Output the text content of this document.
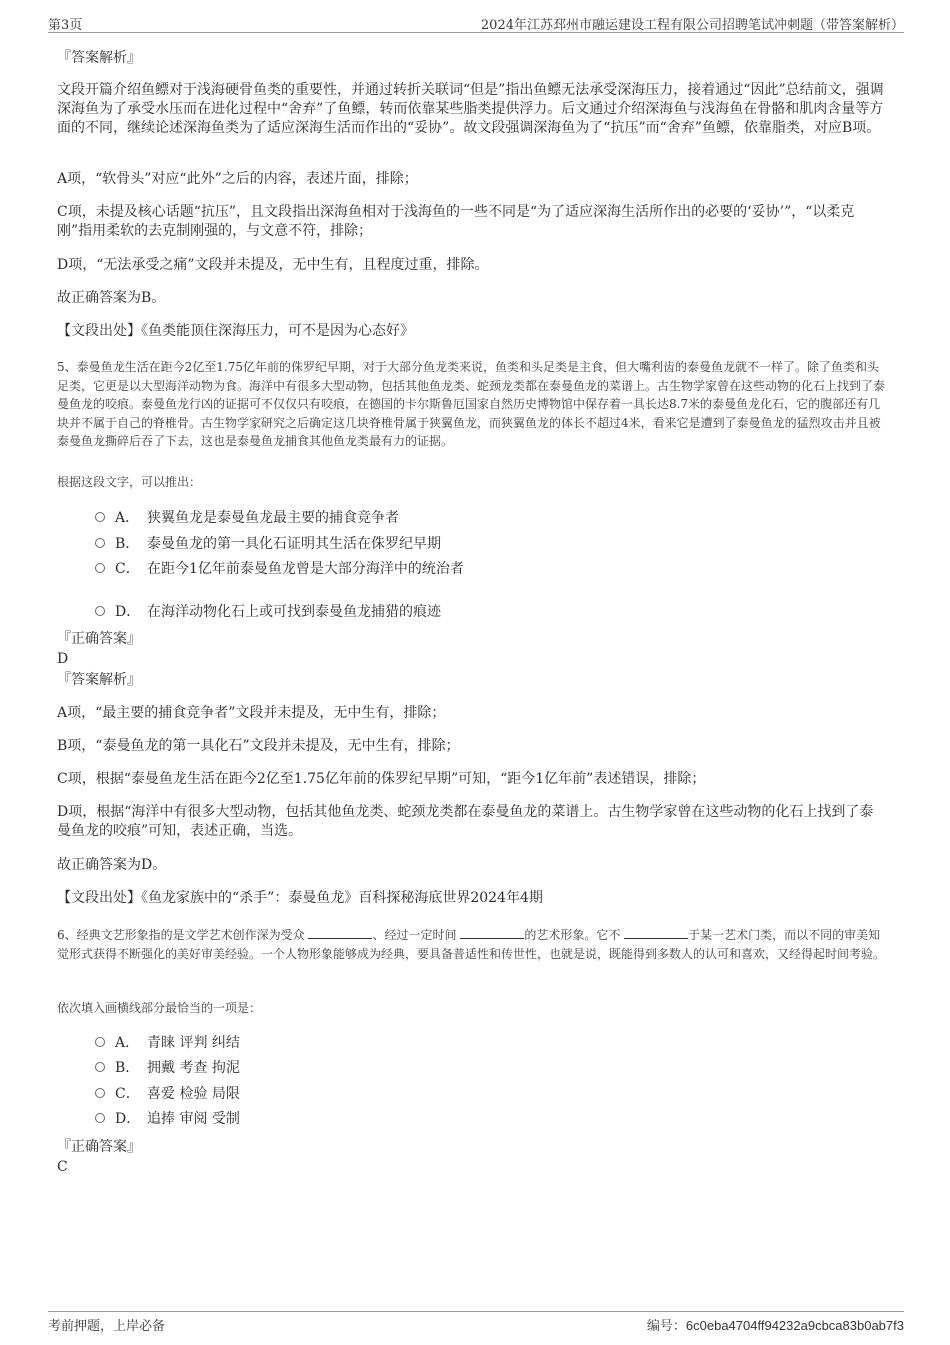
第3页	2024年江苏邳州市融运建设工程有限公司招聘笔试冲刺题（带答案解析）

『答案解析』

文段开篇介绍鱼鳔对于浅海硬骨鱼类的重要性，并通过转折关联词“但是”指出鱼鳔无法承受深海压力，接着通过“因此”总结前文，强调深海鱼为了承受水压而在进化过程中“舍弃”了鱼鳔，转而依靠某些脂类提供浮力。后文通过介绍深海鱼与浅海鱼在骨骼和肌肉含量等方面的不同，继续论述深海鱼类为了适应深海生活而作出的“妥协”。故文段强调深海鱼为了“抗压”而“舍弃”鱼鳔，依靠脂类，对应B项。

A项，“软骨头”对应“此外”之后的内容，表述片面，排除；

C项，未提及核心话题“抗压”，且文段指出深海鱼相对于浅海鱼的一些不同是“为了适应深海生活所作出的必要的‘妥协’”，“以柔克刚”指用柔软的去克制刚强的，与文意不符，排除；

D项，“无法承受之痛”文段并未提及，无中生有，且程度过重，排除。

故正确答案为B。

【文段出处】《鱼类能顶住深海压力，可不是因为心态好》

5、泰曼鱼龙生活在距今2亿至1.75亿年前的侏罗纪早期，对于大部分鱼龙类来说，鱼类和头足类是主食，但大嘴利齿的泰曼鱼龙就不一样了。除了鱼类和头足类，它更是以大型海洋动物为食。海洋中有很多大型动物，包括其他鱼龙类、蛇颈龙类都在泰曼鱼龙的菜谱上。古生物学家曾在这些动物的化石上找到了泰曼鱼龙的咬痕。泰曼鱼龙行凶的证据可不仅仅只有咬痕，在德国的卡尔斯鲁厄国家自然历史博物馆中保存着一具长达8.7米的泰曼鱼龙化石，它的腹部还有几块并不属于自己的脊椎骨。古生物学家研究之后确定这几块脊椎骨属于狭翼鱼龙，而狭翼鱼龙的体长不超过4米，看来它是遭到了泰曼鱼龙的猛烈攻击并且被泰曼鱼龙撕碎后吞了下去，这也是泰曼鱼龙捕食其他鱼龙类最有力的证据。

根据这段文字，可以推出：

A． 狭翼鱼龙是泰曼鱼龙最主要的捕食竞争者
B． 泰曼鱼龙的第一具化石证明其生活在侏罗纪早期
C． 在距今1亿年前泰曼鱼龙曾是大部分海洋中的统治者
D． 在海洋动物化石上或可找到泰曼鱼龙捕猎的痕迹

『正确答案』

D

『答案解析』

A项，“最主要的捕食竞争者”文段并未提及，无中生有，排除；

B项，“泰曼鱼龙的第一具化石”文段并未提及，无中生有，排除；

C项，根据“泰曼鱼龙生活在距今2亿至1.75亿年前的侏罗纪早期”可知，“距今1亿年前”表述错误，排除；

D项，根据“海洋中有很多大型动物，包括其他鱼龙类、蛇颈龙类都在泰曼鱼龙的菜谱上。古生物学家曾在这些动物的化石上找到了泰曼鱼龙的咬痕”可知，表述正确，当选。

故正确答案为D。

【文段出处】《鱼龙家族中的“杀手”：泰曼鱼龙》百科探秘海底世界2024年4期

6、经典文艺形象指的是文学艺术创作深为受众	、经过一定时间	的艺术形象。它不	于某一艺术门类，而以不同的审美知觉形式获得不断强化的美好审美经验。一个人物形象能够成为经典，要具备普适性和传世性，也就是说，既能得到多数人的认可和喜欢，又经得起时间考验。

依次填入画横线部分最恰当的一项是：

A． 青睐 评判 纠结
B． 拥戴 考查 拘泥
C． 喜爱 检验 局限
D． 追捧 审阅 受制

『正确答案』

C

考前押题，上岸必备	编号：6c0eba4704ff94232a9cbca83b0ab7f3
